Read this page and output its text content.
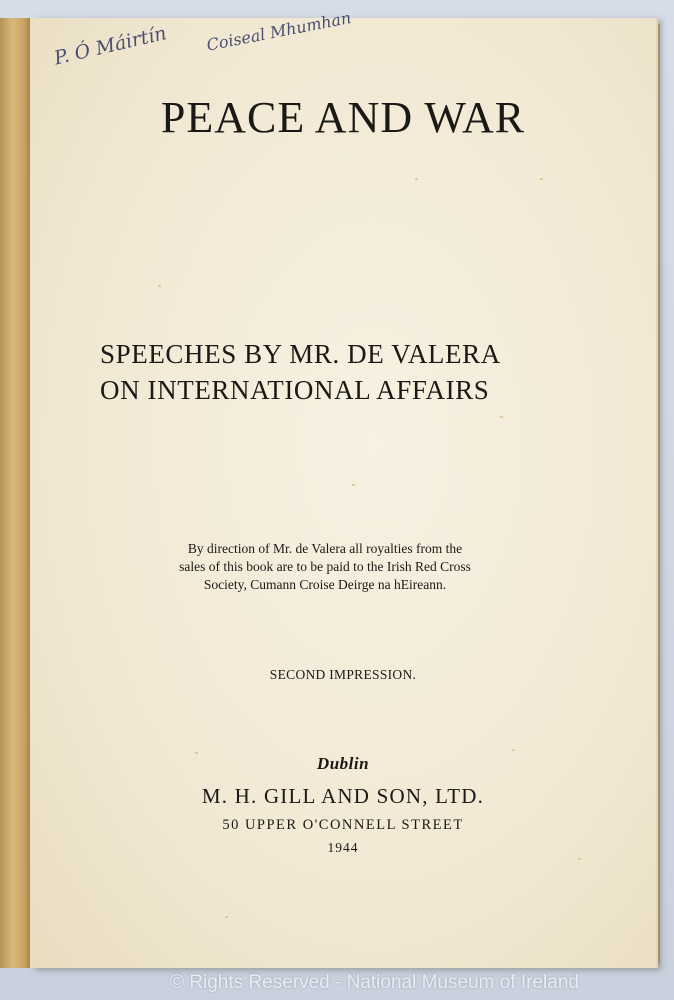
P. Ó Máirtín Coiseal Mhumhan
PEACE AND WAR
SPEECHES BY MR. DE VALERA
ON INTERNATIONAL AFFAIRS
By direction of Mr. de Valera all royalties from the
sales of this book are to be paid to the Irish Red Cross
Society, Cumann Croise Deirge na hEireann.
SECOND IMPRESSION.
Dublin
M. H. GILL AND SON, LTD.
50 UPPER O'CONNELL STREET
1944
© Rights Reserved - National Museum of Ireland
